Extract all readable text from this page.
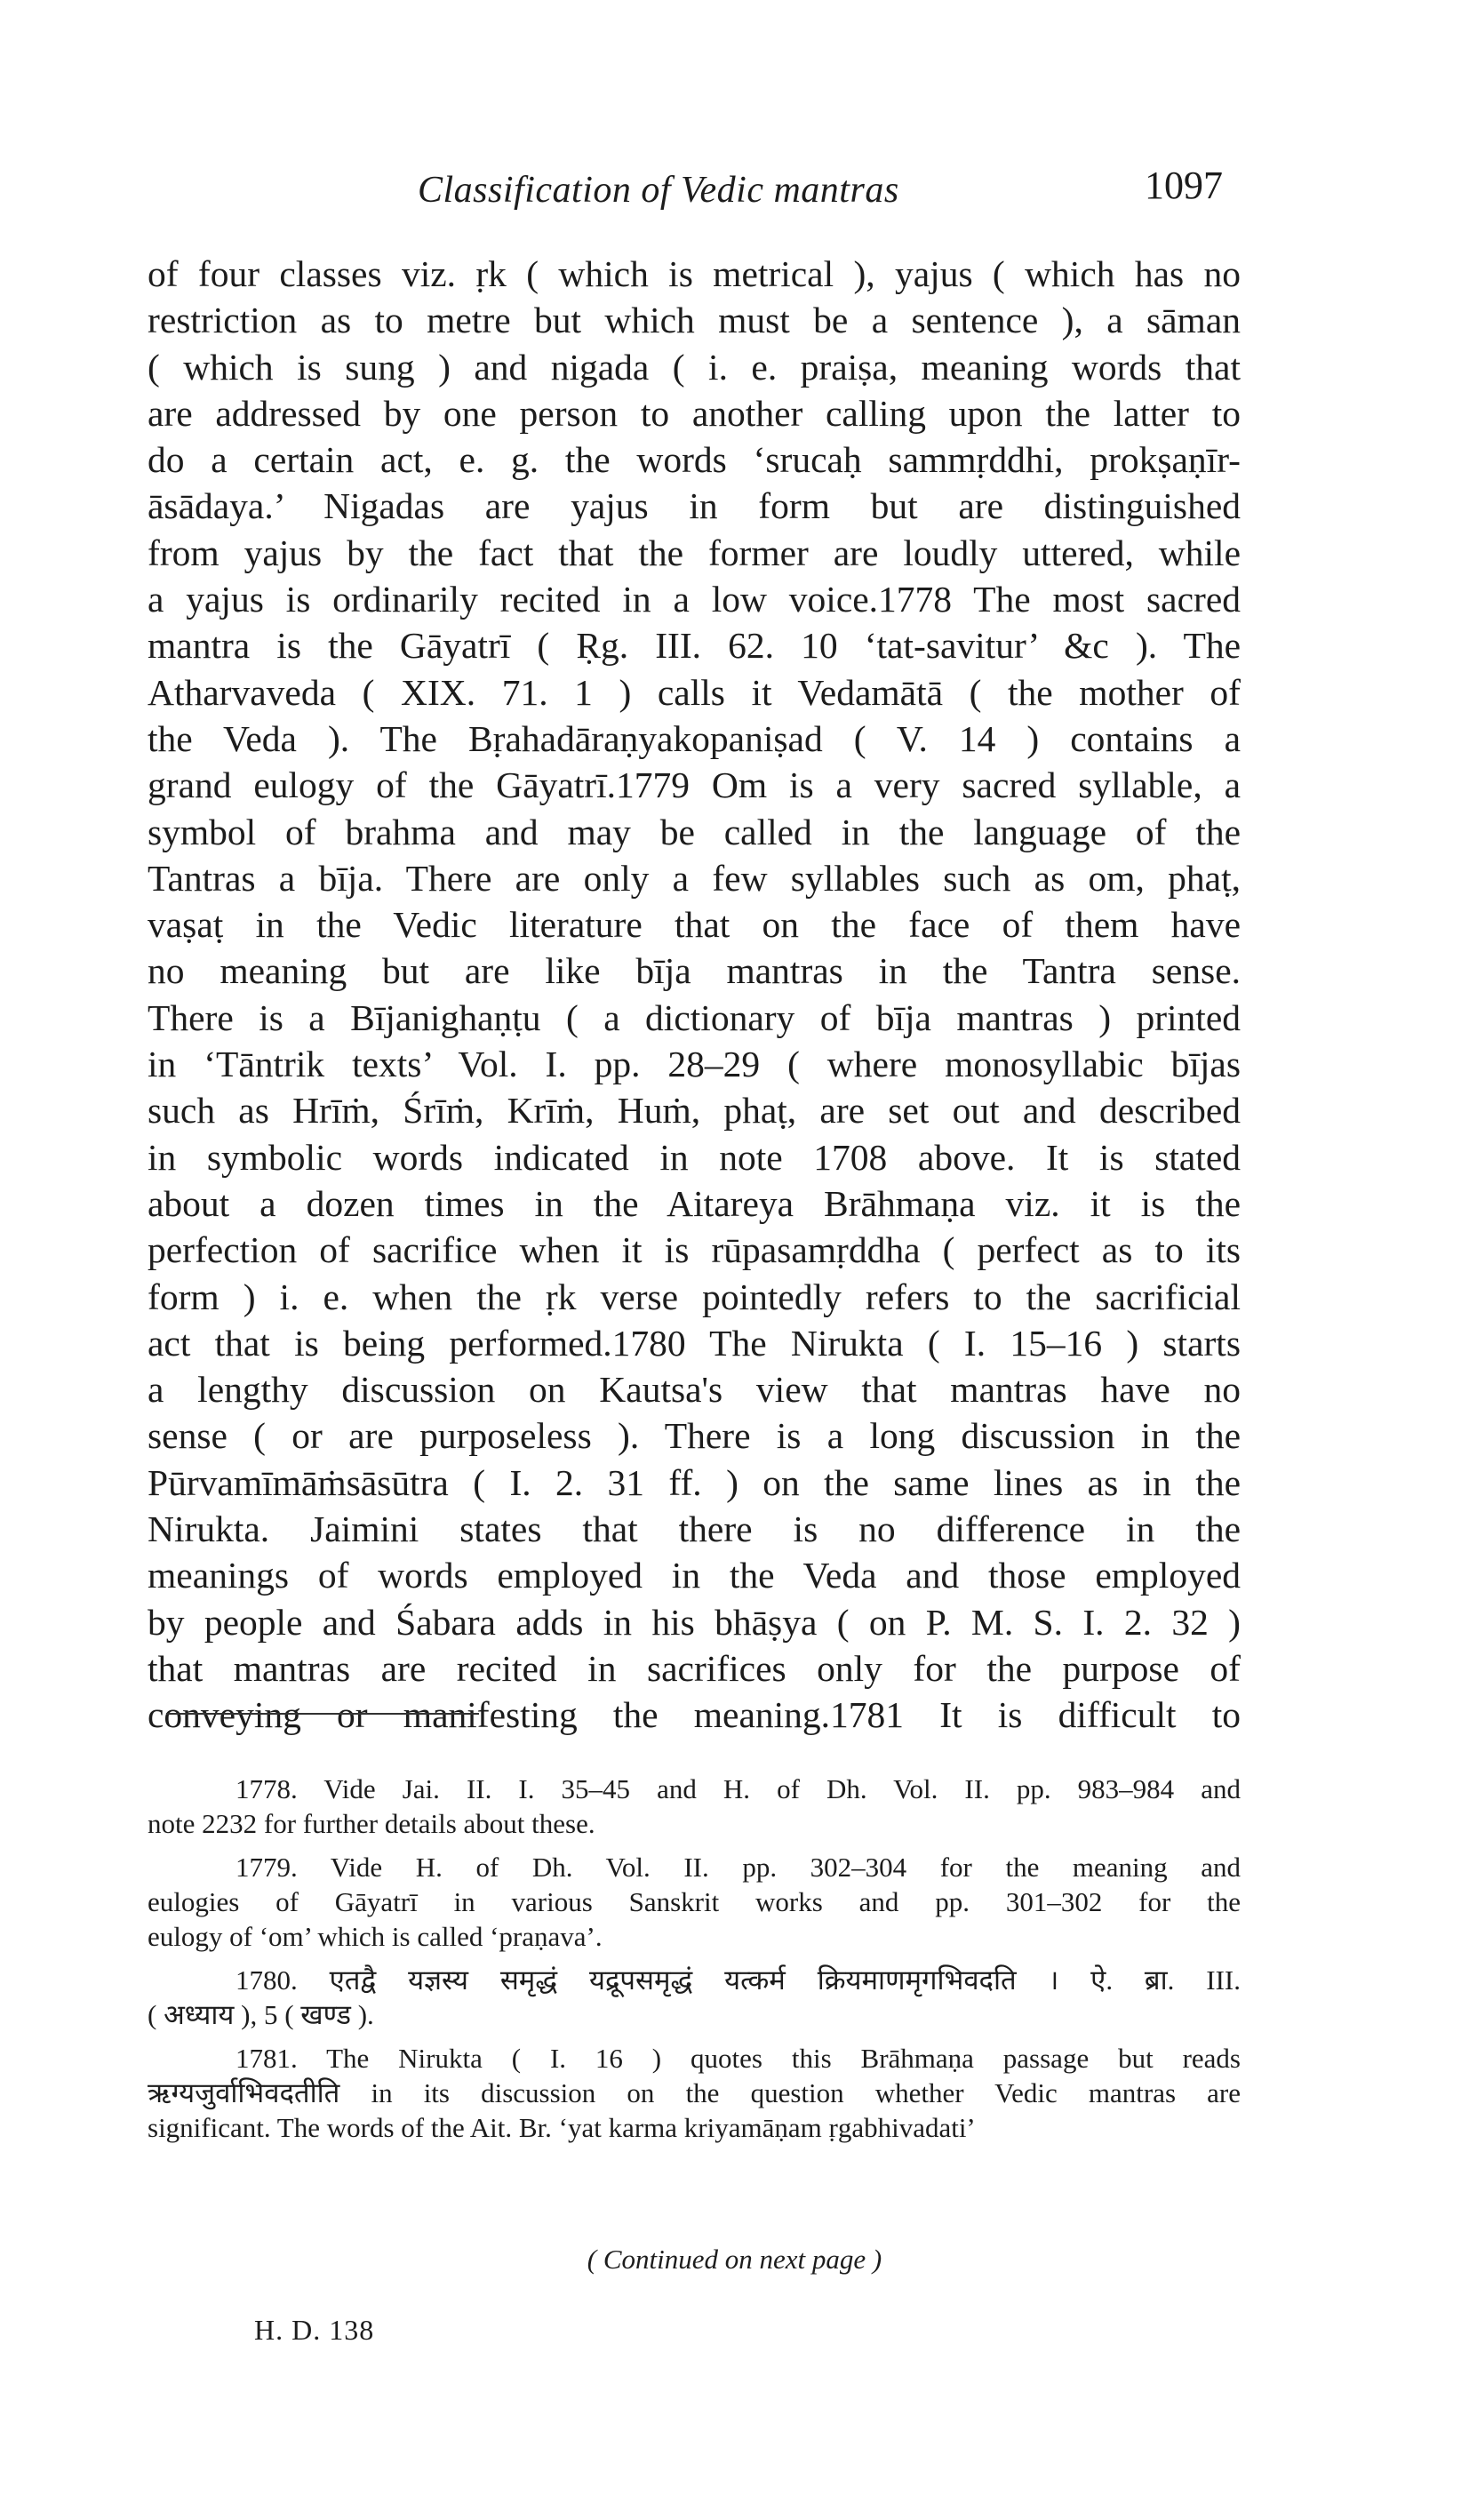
Classification of Vedic mantras	1097
of four classes viz. ṛk ( which is metrical ), yajus ( which has no
restriction as to metre but which must be a sentence ), a sāman
( which is sung ) and nigada ( i. e. praiṣa, meaning words that
are addressed by one person to another calling upon the latter to
do a certain act, e. g. the words ‘srucaḥ sammṛddhi, prokṣaṇīr-
āsādaya.’ Nigadas are yajus in form but are distinguished
from yajus by the fact that the former are loudly uttered, while
a yajus is ordinarily recited in a low voice.1778 The most sacred
mantra is the Gāyatrī ( Ṛg. III. 62. 10 ‘tat-savitur’ &c ). The
Atharvaveda ( XIX. 71. 1 ) calls it Vedamātā ( the mother of
the Veda ). The Bṛahadāraṇyakopaniṣad ( V. 14 ) contains a
grand eulogy of the Gāyatrī.1779 Om is a very sacred syllable, a
symbol of brahma and may be called in the language of the
Tantras a bīja. There are only a few syllables such as om, phaṭ,
vaṣaṭ in the Vedic literature that on the face of them have
no meaning but are like bīja mantras in the Tantra sense.
There is a Bījanighaṇṭu ( a dictionary of bīja mantras ) printed
in ‘Tāntrik texts’ Vol. I. pp. 28–29 ( where monosyllabic bījas
such as Hrīṁ, Śrīṁ, Krīṁ, Huṁ, phaṭ, are set out and described
in symbolic words indicated in note 1708 above. It is stated
about a dozen times in the Aitareya Brāhmaṇa viz. it is the
perfection of sacrifice when it is rūpasamṛddha ( perfect as to its
form ) i. e. when the ṛk verse pointedly refers to the sacrificial
act that is being performed.1780 The Nirukta ( I. 15–16 ) starts
a lengthy discussion on Kautsa's view that mantras have no
sense ( or are purposeless ). There is a long discussion in the
Pūrvamīmāṁsāsūtra ( I. 2. 31 ff. ) on the same lines as in the
Nirukta. Jaimini states that there is no difference in the
meanings of words employed in the Veda and those employed
by people and Śabara adds in his bhāṣya ( on P. M. S. I. 2. 32 )
that mantras are recited in sacrifices only for the purpose of
conveying or manifesting the meaning.1781 It is difficult to
1778. Vide Jai. II. I. 35–45 and H. of Dh. Vol. II. pp. 983–984 and
note 2232 for further details about these.
1779. Vide H. of Dh. Vol. II. pp. 302–304 for the meaning and
eulogies of Gāyatrī in various Sanskrit works and pp. 301–302 for the
eulogy of ‘om’ which is called ‘praṇava’.
1780. एतद्वै यज्ञस्य समृद्धं यद्रूपसमृद्धं यत्कर्म क्रियमाणमृगभिवदति । ऐ. ब्रा. III.
( अध्याय ), 5 ( खण्ड ).
1781. The Nirukta ( I. 16 ) quotes this Brāhmaṇa passage but reads
ऋग्यजुर्वाभिवदतीति in its discussion on the question whether Vedic mantras are
significant. The words of the Ait. Br. ‘yat karma kriyamāṇam ṛgabhivadati’
( Continued on next page )
H. D. 138
